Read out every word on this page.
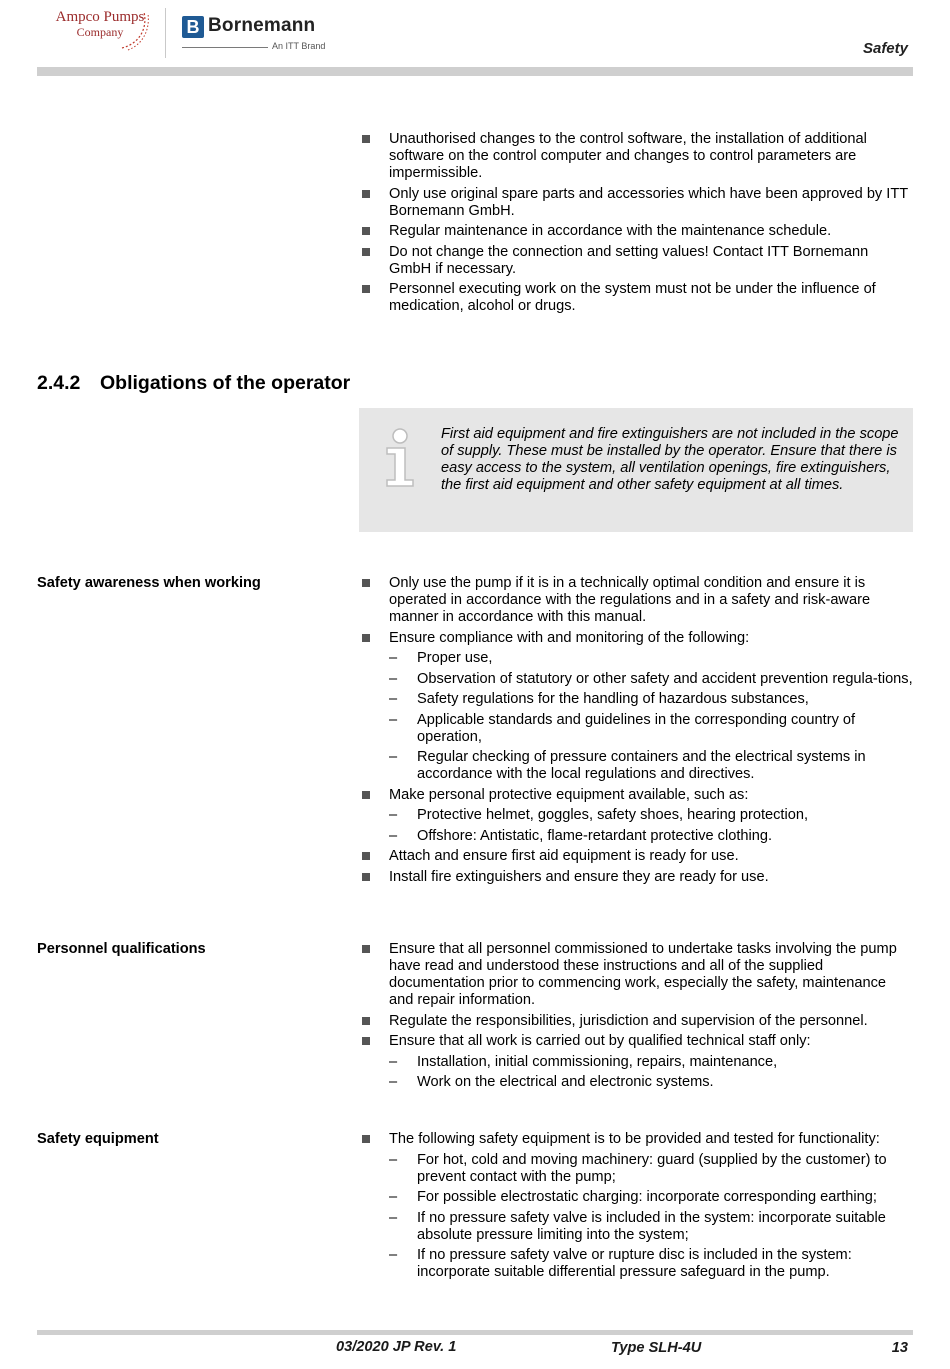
Ampco Pumps
Company	B Bornemann
An ITT Brand	Safety
Unauthorised changes to the control software, the installation of additional software on the control computer and changes to control parameters are impermissible.
Only use original spare parts and accessories which have been approved by ITT Bornemann GmbH.
Regular maintenance in accordance with the maintenance schedule.
Do not change the connection and setting values! Contact ITT Bornemann GmbH if necessary.
Personnel executing work on the system must not be under the influence of medication, alcohol or drugs.
2.4.2 Obligations of the operator
First aid equipment and fire extinguishers are not included in the scope of supply. These must be installed by the operator. Ensure that there is easy access to the system, all ventilation openings, fire extinguishers, the first aid equipment and other safety equipment at all times.
Safety awareness when working	Only use the pump if it is in a technically optimal condition and ensure it is operated in accordance with the regulations and in a safety and risk-aware manner in accordance with this manual.
Ensure compliance with and monitoring of the following:
– Proper use,
– Observation of statutory or other safety and accident prevention regula-tions,
– Safety regulations for the handling of hazardous substances,
– Applicable standards and guidelines in the corresponding country of operation,
– Regular checking of pressure containers and the electrical systems in accordance with the local regulations and directives.
Make personal protective equipment available, such as:
– Protective helmet, goggles, safety shoes, hearing protection,
– Offshore: Antistatic, flame-retardant protective clothing.
Attach and ensure first aid equipment is ready for use.
Install fire extinguishers and ensure they are ready for use.
Personnel qualifications	Ensure that all personnel commissioned to undertake tasks involving the pump have read and understood these instructions and all of the supplied documentation prior to commencing work, especially the safety, maintenance and repair information.
Regulate the responsibilities, jurisdiction and supervision of the personnel.
Ensure that all work is carried out by qualified technical staff only:
– Installation, initial commissioning, repairs, maintenance,
– Work on the electrical and electronic systems.
Safety equipment	The following safety equipment is to be provided and tested for functionality:
– For hot, cold and moving machinery: guard (supplied by the customer) to prevent contact with the pump;
– For possible electrostatic charging: incorporate corresponding earthing;
– If no pressure safety valve is included in the system: incorporate suitable absolute pressure limiting into the system;
– If no pressure safety valve or rupture disc is included in the system: incorporate suitable differential pressure safeguard in the pump.
03/2020 JP Rev. 1	Type SLH-4U	13
